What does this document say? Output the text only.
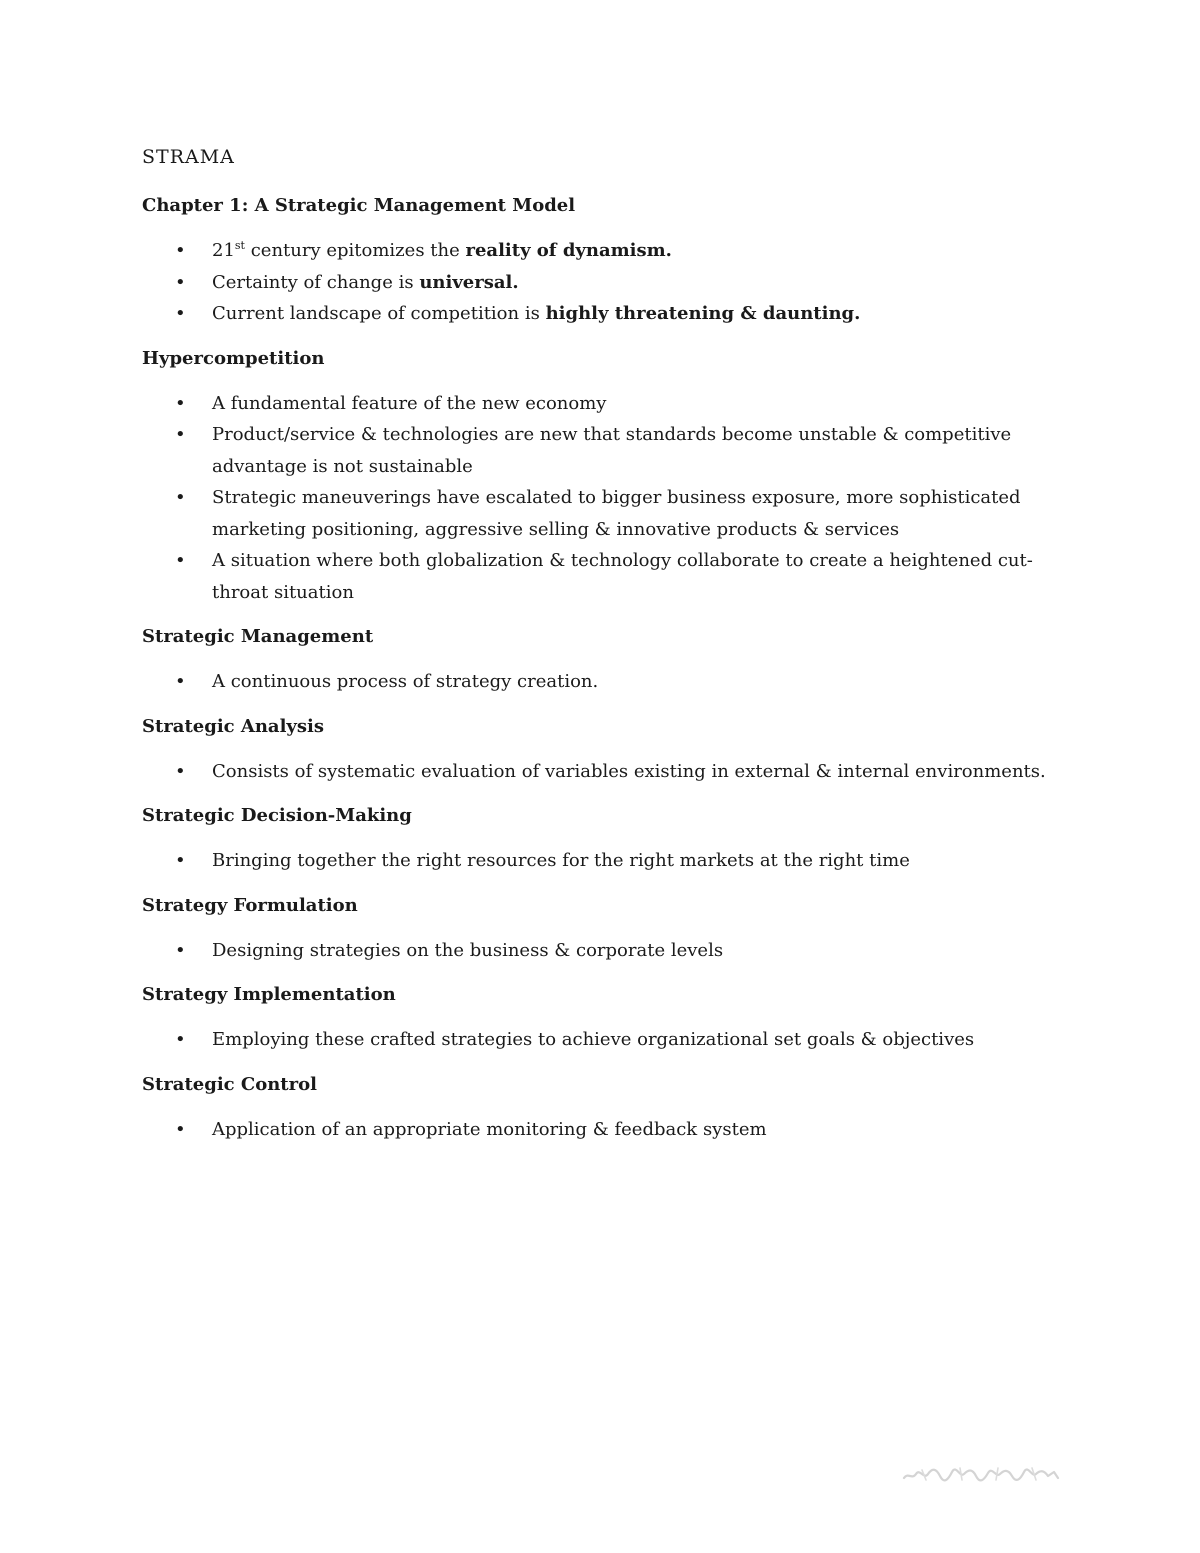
STRAMA
Chapter 1: A Strategic Management Model
• 21st century epitomizes the reality of dynamism.
• Certainty of change is universal.
• Current landscape of competition is highly threatening & daunting.
Hypercompetition
• A fundamental feature of the new economy
• Product/service & technologies are new that standards become unstable & competitive advantage is not sustainable
• Strategic maneuverings have escalated to bigger business exposure, more sophisticated marketing positioning, aggressive selling & innovative products & services
• A situation where both globalization & technology collaborate to create a heightened cut-throat situation
Strategic Management
• A continuous process of strategy creation.
Strategic Analysis
• Consists of systematic evaluation of variables existing in external & internal environments.
Strategic Decision-Making
• Bringing together the right resources for the right markets at the right time
Strategy Formulation
• Designing strategies on the business & corporate levels
Strategy Implementation
• Employing these crafted strategies to achieve organizational set goals & objectives
Strategic Control
• Application of an appropriate monitoring & feedback system
